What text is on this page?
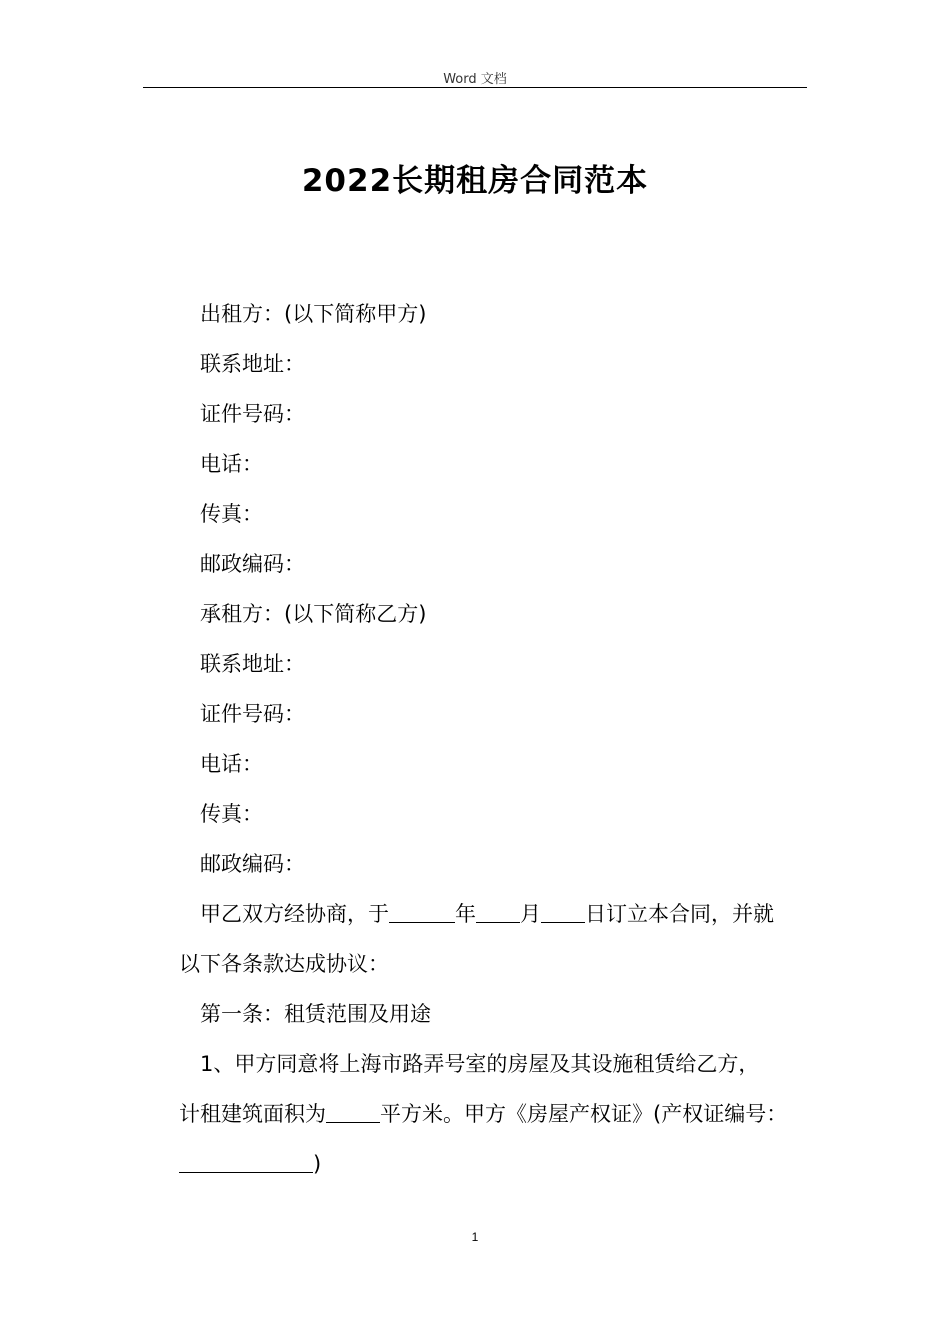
Word 文档
2022长期租房合同范本
出租方：(以下简称甲方)
联系地址：
证件号码：
电话：
传真：
邮政编码：
承租方：(以下简称乙方)
联系地址：
证件号码：
电话：
传真：
邮政编码：
甲乙双方经协商，于	年 月 日订立本合同，并就
以下各条款达成协议：
第一条：租赁范围及用途
1、甲方同意将上海市路弄号室的房屋及其设施租赁给乙方，
计租建筑面积为	平方米。甲方《房屋产权证》(产权证编号：
)
1
